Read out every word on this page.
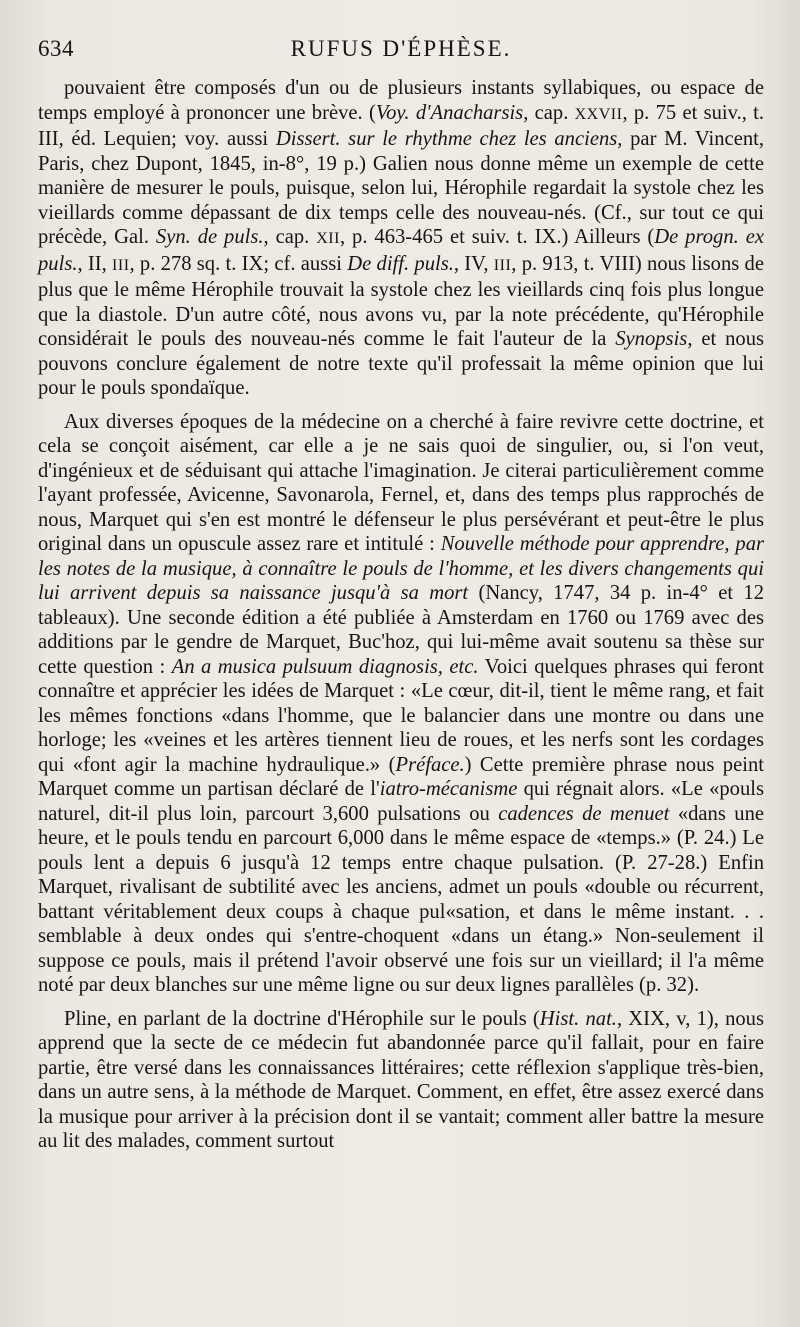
634	RUFUS D'ÉPHÈSE.

pouvaient être composés d'un ou de plusieurs instants syllabiques, ou espace de temps employé à prononcer une brève. (Voy. d'Anacharsis, cap. XXVII, p. 75 et suiv., t. III, éd. Lequien; voy. aussi Dissert. sur le rhythme chez les anciens, par M. Vincent, Paris, chez Dupont, 1845, in-8°, 19 p.) Galien nous donne même un exemple de cette manière de mesurer le pouls, puisque, selon lui, Hérophile regardait la systole chez les vieillards comme dépassant de dix temps celle des nouveau-nés. (Cf., sur tout ce qui précède, Gal. Syn. de puls., cap. XII, p. 463-465 et suiv. t. IX.) Ailleurs (De progn. ex puls., II, III, p. 278 sq. t. IX; cf. aussi De diff. puls., IV, III, p. 913, t. VIII) nous lisons de plus que le même Hérophile trouvait la systole chez les vieillards cinq fois plus longue que la diastole. D'un autre côté, nous avons vu, par la note précédente, qu'Hérophile considérait le pouls des nouveau-nés comme le fait l'auteur de la Synopsis, et nous pouvons conclure également de notre texte qu'il professait la même opinion que lui pour le pouls spondaïque.

Aux diverses époques de la médecine on a cherché à faire revivre cette doctrine, et cela se conçoit aisément, car elle a je ne sais quoi de singulier, ou, si l'on veut, d'ingénieux et de séduisant qui attache l'imagination. Je citerai particulièrement comme l'ayant professée, Avicenne, Savonarola, Fernel, et, dans des temps plus rapprochés de nous, Marquet qui s'en est montré le défenseur le plus persévérant et peut-être le plus original dans un opuscule assez rare et intitulé : Nouvelle méthode pour apprendre, par les notes de la musique, à connaître le pouls de l'homme, et les divers changements qui lui arrivent depuis sa naissance jusqu'à sa mort (Nancy, 1747, 34 p. in-4° et 12 tableaux). Une seconde édition a été publiée à Amsterdam en 1760 ou 1769 avec des additions par le gendre de Marquet, Buc'hoz, qui lui-même avait soutenu sa thèse sur cette question : An a musica pulsuum diagnosis, etc. Voici quelques phrases qui feront connaître et apprécier les idées de Marquet : «Le cœur, dit-il, tient le même rang, et fait les mêmes fonctions «dans l'homme, que le balancier dans une montre ou dans une horloge; les «veines et les artères tiennent lieu de roues, et les nerfs sont les cordages qui «font agir la machine hydraulique.» (Préface.) Cette première phrase nous peint Marquet comme un partisan déclaré de l'iatro-mécanisme qui régnait alors. «Le «pouls naturel, dit-il plus loin, parcourt 3,600 pulsations ou cadences de menuet «dans une heure, et le pouls tendu en parcourt 6,000 dans le même espace de «temps.» (P. 24.) Le pouls lent a depuis 6 jusqu'à 12 temps entre chaque pulsation. (P. 27-28.) Enfin Marquet, rivalisant de subtilité avec les anciens, admet un pouls «double ou récurrent, battant véritablement deux coups à chaque pul«sation, et dans le même instant. . . semblable à deux ondes qui s'entre-choquent «dans un étang.» Non-seulement il suppose ce pouls, mais il prétend l'avoir observé une fois sur un vieillard; il l'a même noté par deux blanches sur une même ligne ou sur deux lignes parallèles (p. 32).

Pline, en parlant de la doctrine d'Hérophile sur le pouls (Hist. nat., XIX, v, 1), nous apprend que la secte de ce médecin fut abandonnée parce qu'il fallait, pour en faire partie, être versé dans les connaissances littéraires; cette réflexion s'applique très-bien, dans un autre sens, à la méthode de Marquet. Comment, en effet, être assez exercé dans la musique pour arriver à la précision dont il se vantait; comment aller battre la mesure au lit des malades, comment surtout
